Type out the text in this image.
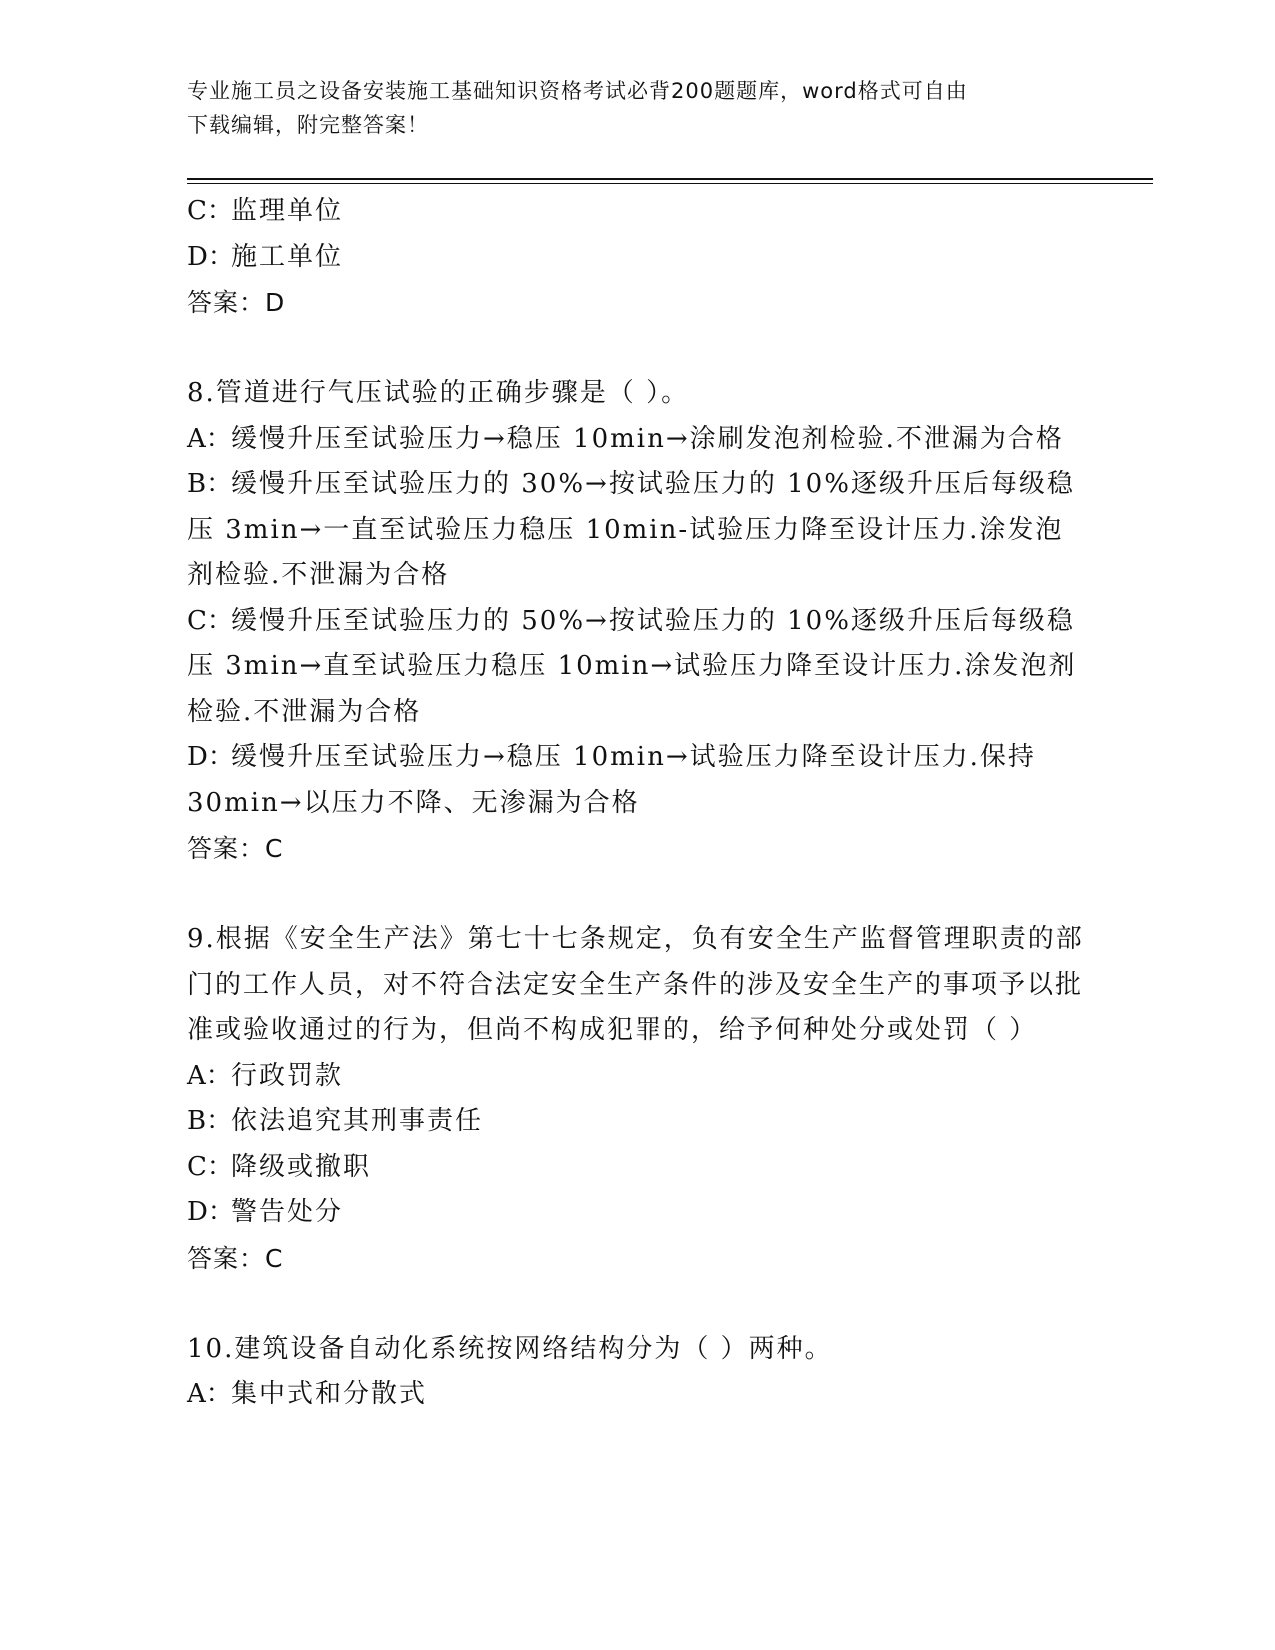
专业施工员之设备安装施工基础知识资格考试必背200题题库，word格式可自由
下载编辑，附完整答案！
C：监理单位
D：施工单位
答案：D
8.管道进行气压试验的正确步骤是（ ）。
A：缓慢升压至试验压力→稳压 10min→涂刷发泡剂检验.不泄漏为合格
B：缓慢升压至试验压力的 30%→按试验压力的 10%逐级升压后每级稳压 3min→一直至试验压力稳压 10min-试验压力降至设计压力.涂发泡剂检验.不泄漏为合格
C：缓慢升压至试验压力的 50%→按试验压力的 10%逐级升压后每级稳压 3min→直至试验压力稳压 10min→试验压力降至设计压力.涂发泡剂检验.不泄漏为合格
D：缓慢升压至试验压力→稳压 10min→试验压力降至设计压力.保持 30min→以压力不降、无渗漏为合格
答案：C
9.根据《安全生产法》第七十七条规定，负有安全生产监督管理职责的部门的工作人员，对不符合法定安全生产条件的涉及安全生产的事项予以批准或验收通过的行为，但尚不构成犯罪的，给予何种处分或处罚（ ）
A：行政罚款
B：依法追究其刑事责任
C：降级或撤职
D：警告处分
答案：C
10.建筑设备自动化系统按网络结构分为（ ）两种。
A：集中式和分散式
